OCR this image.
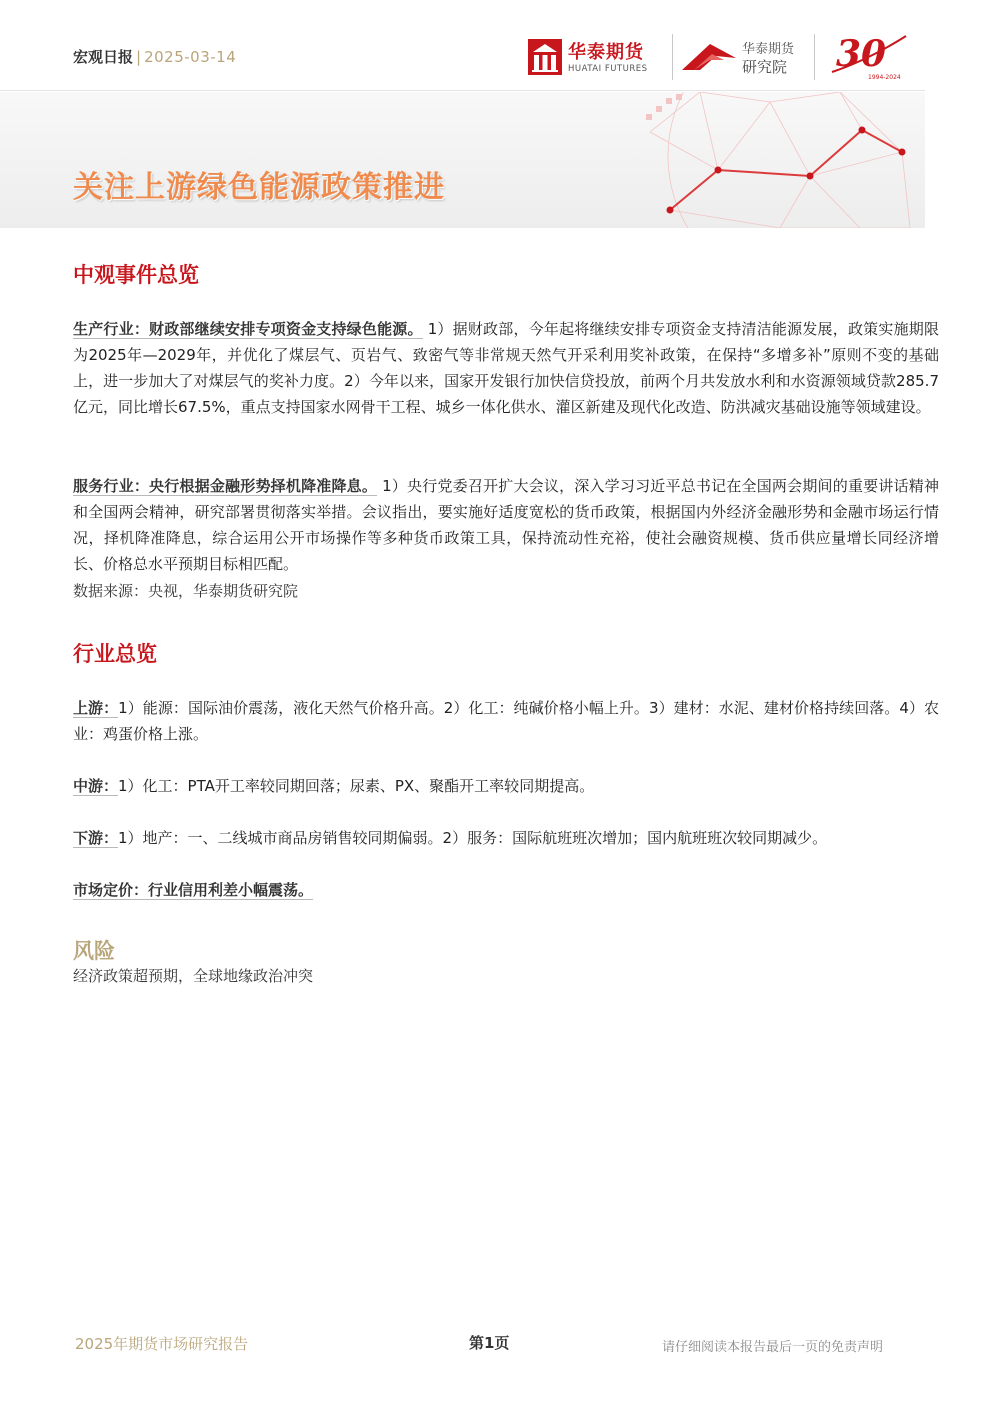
宏观日报 | 2025-03-14	华泰期货
HUATAI FUTURES
华泰期货
研究院 30
1994-2024
关注上游绿色能源政策推进
中观事件总览

生产行业：财政部继续安排专项资金支持绿色能源。 1）据财政部，今年起将继续安排专项资金支持清洁能源发展，政策实施期限为2025年—2029年，并优化了煤层气、页岩气、致密气等非常规天然气开采利用奖补政策，在保持“多增多补”原则不变的基础上，进一步加大了对煤层气的奖补力度。2）今年以来，国家开发银行加快信贷投放，前两个月共发放水利和水资源领域贷款285.7亿元，同比增长67.5%，重点支持国家水网骨干工程、城乡一体化供水、灌区新建及现代化改造、防洪减灾基础设施等领域建设。

服务行业：央行根据金融形势择机降准降息。 1）央行党委召开扩大会议，深入学习习近平总书记在全国两会期间的重要讲话精神和全国两会精神，研究部署贯彻落实举措。会议指出，要实施好适度宽松的货币政策，根据国内外经济金融形势和金融市场运行情况，择机降准降息，综合运用公开市场操作等多种货币政策工具，保持流动性充裕，使社会融资规模、货币供应量增长同经济增长、价格总水平预期目标相匹配。

数据来源：央视，华泰期货研究院
行业总览

上游：1）能源：国际油价震荡，液化天然气价格升高。2）化工：纯碱价格小幅上升。3）建材：水泥、建材价格持续回落。4）农业：鸡蛋价格上涨。

中游：1）化工：PTA开工率较同期回落；尿素、PX、聚酯开工率较同期提高。

下游：1）地产：一、二线城市商品房销售较同期偏弱。2）服务：国际航班班次增加；国内航班班次较同期减少。

市场定价：行业信用利差小幅震荡。

风险
经济政策超预期，全球地缘政治冲突
2025年期货市场研究报告	第1页	请仔细阅读本报告最后一页的免责声明
